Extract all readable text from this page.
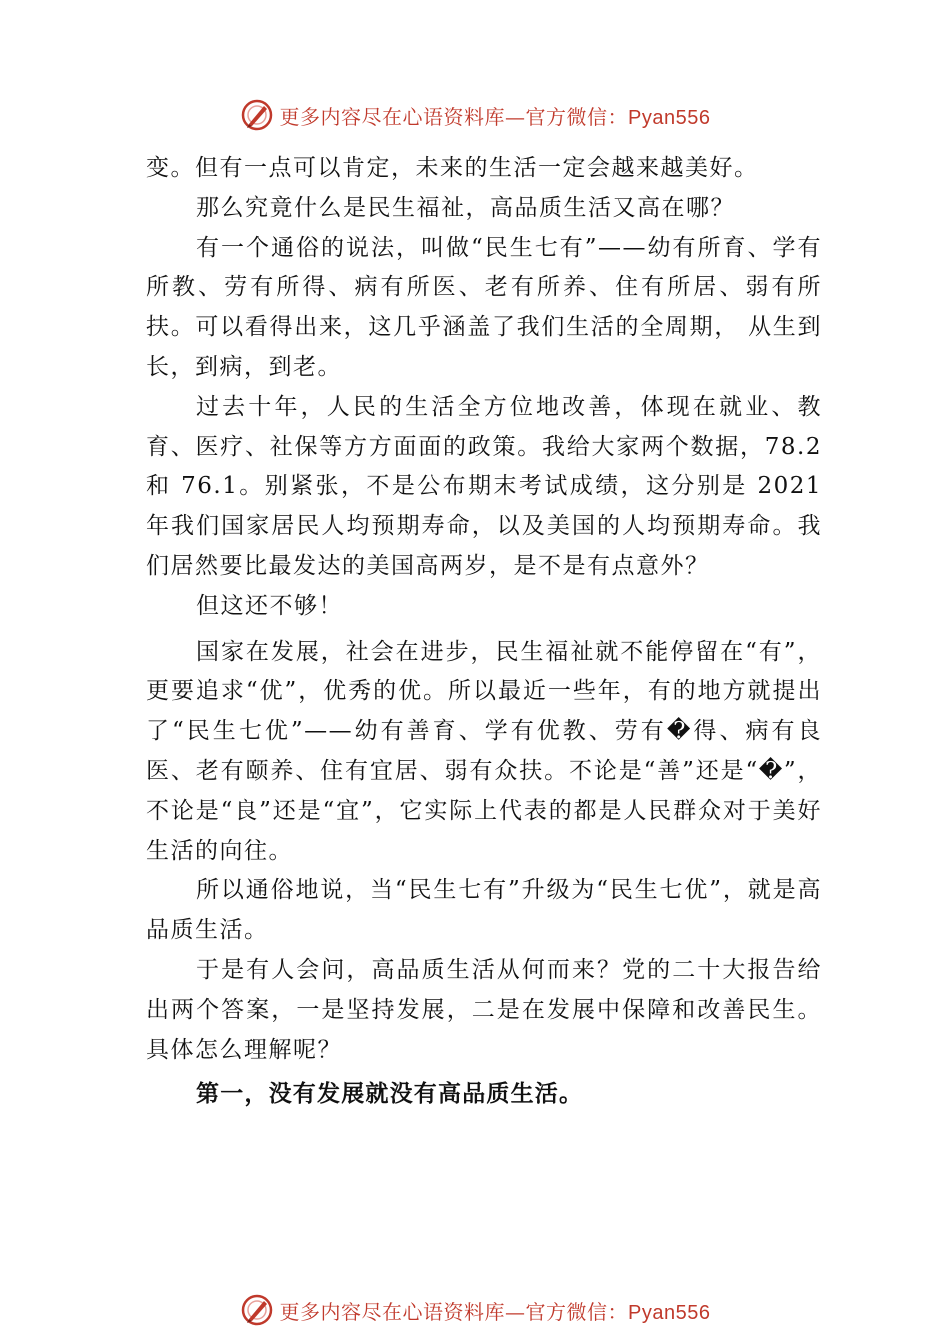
更多内容尽在心语资料库—官方微信：Pyan556

变。但有一点可以肯定，未来的生活一定会越来越美好。

那么究竟什么是民生福祉，高品质生活又高在哪？

有一个通俗的说法，叫做“民生七有”——幼有所育、学有所教、劳有所得、病有所医、老有所养、住有所居、弱有所扶。可以看得出来，这几乎涵盖了我们生活的全周期， 从生到长，到病，到老。

过去十年，人民的生活全方位地改善，体现在就业、教育、医疗、社保等方方面面的政策。我给大家两个数据，78.2 和 76.1。别紧张，不是公布期末考试成绩，这分别是 2021 年我们国家居民人均预期寿命，以及美国的人均预期寿命。我们居然要比最发达的美国高两岁，是不是有点意外？

但这还不够！

国家在发展，社会在进步，民生福祉就不能停留在“有”，更要追求“优”，优秀的优。所以最近一些年，有的地方就提出了“民生七优”——幼有善育、学有优教、劳有�得、病有良医、老有颐养、住有宜居、弱有众扶。不论是“善”还是“�”，不论是“良”还是“宜”，它实际上代表的都是人民群众对于美好生活的向往。

所以通俗地说，当“民生七有”升级为“民生七优”，就是高品质生活。

于是有人会问，高品质生活从何而来？党的二十大报告给出两个答案，一是坚持发展，二是在发展中保障和改善民生。具体怎么理解呢？

第一，没有发展就没有高品质生活。

更多内容尽在心语资料库—官方微信：Pyan556
